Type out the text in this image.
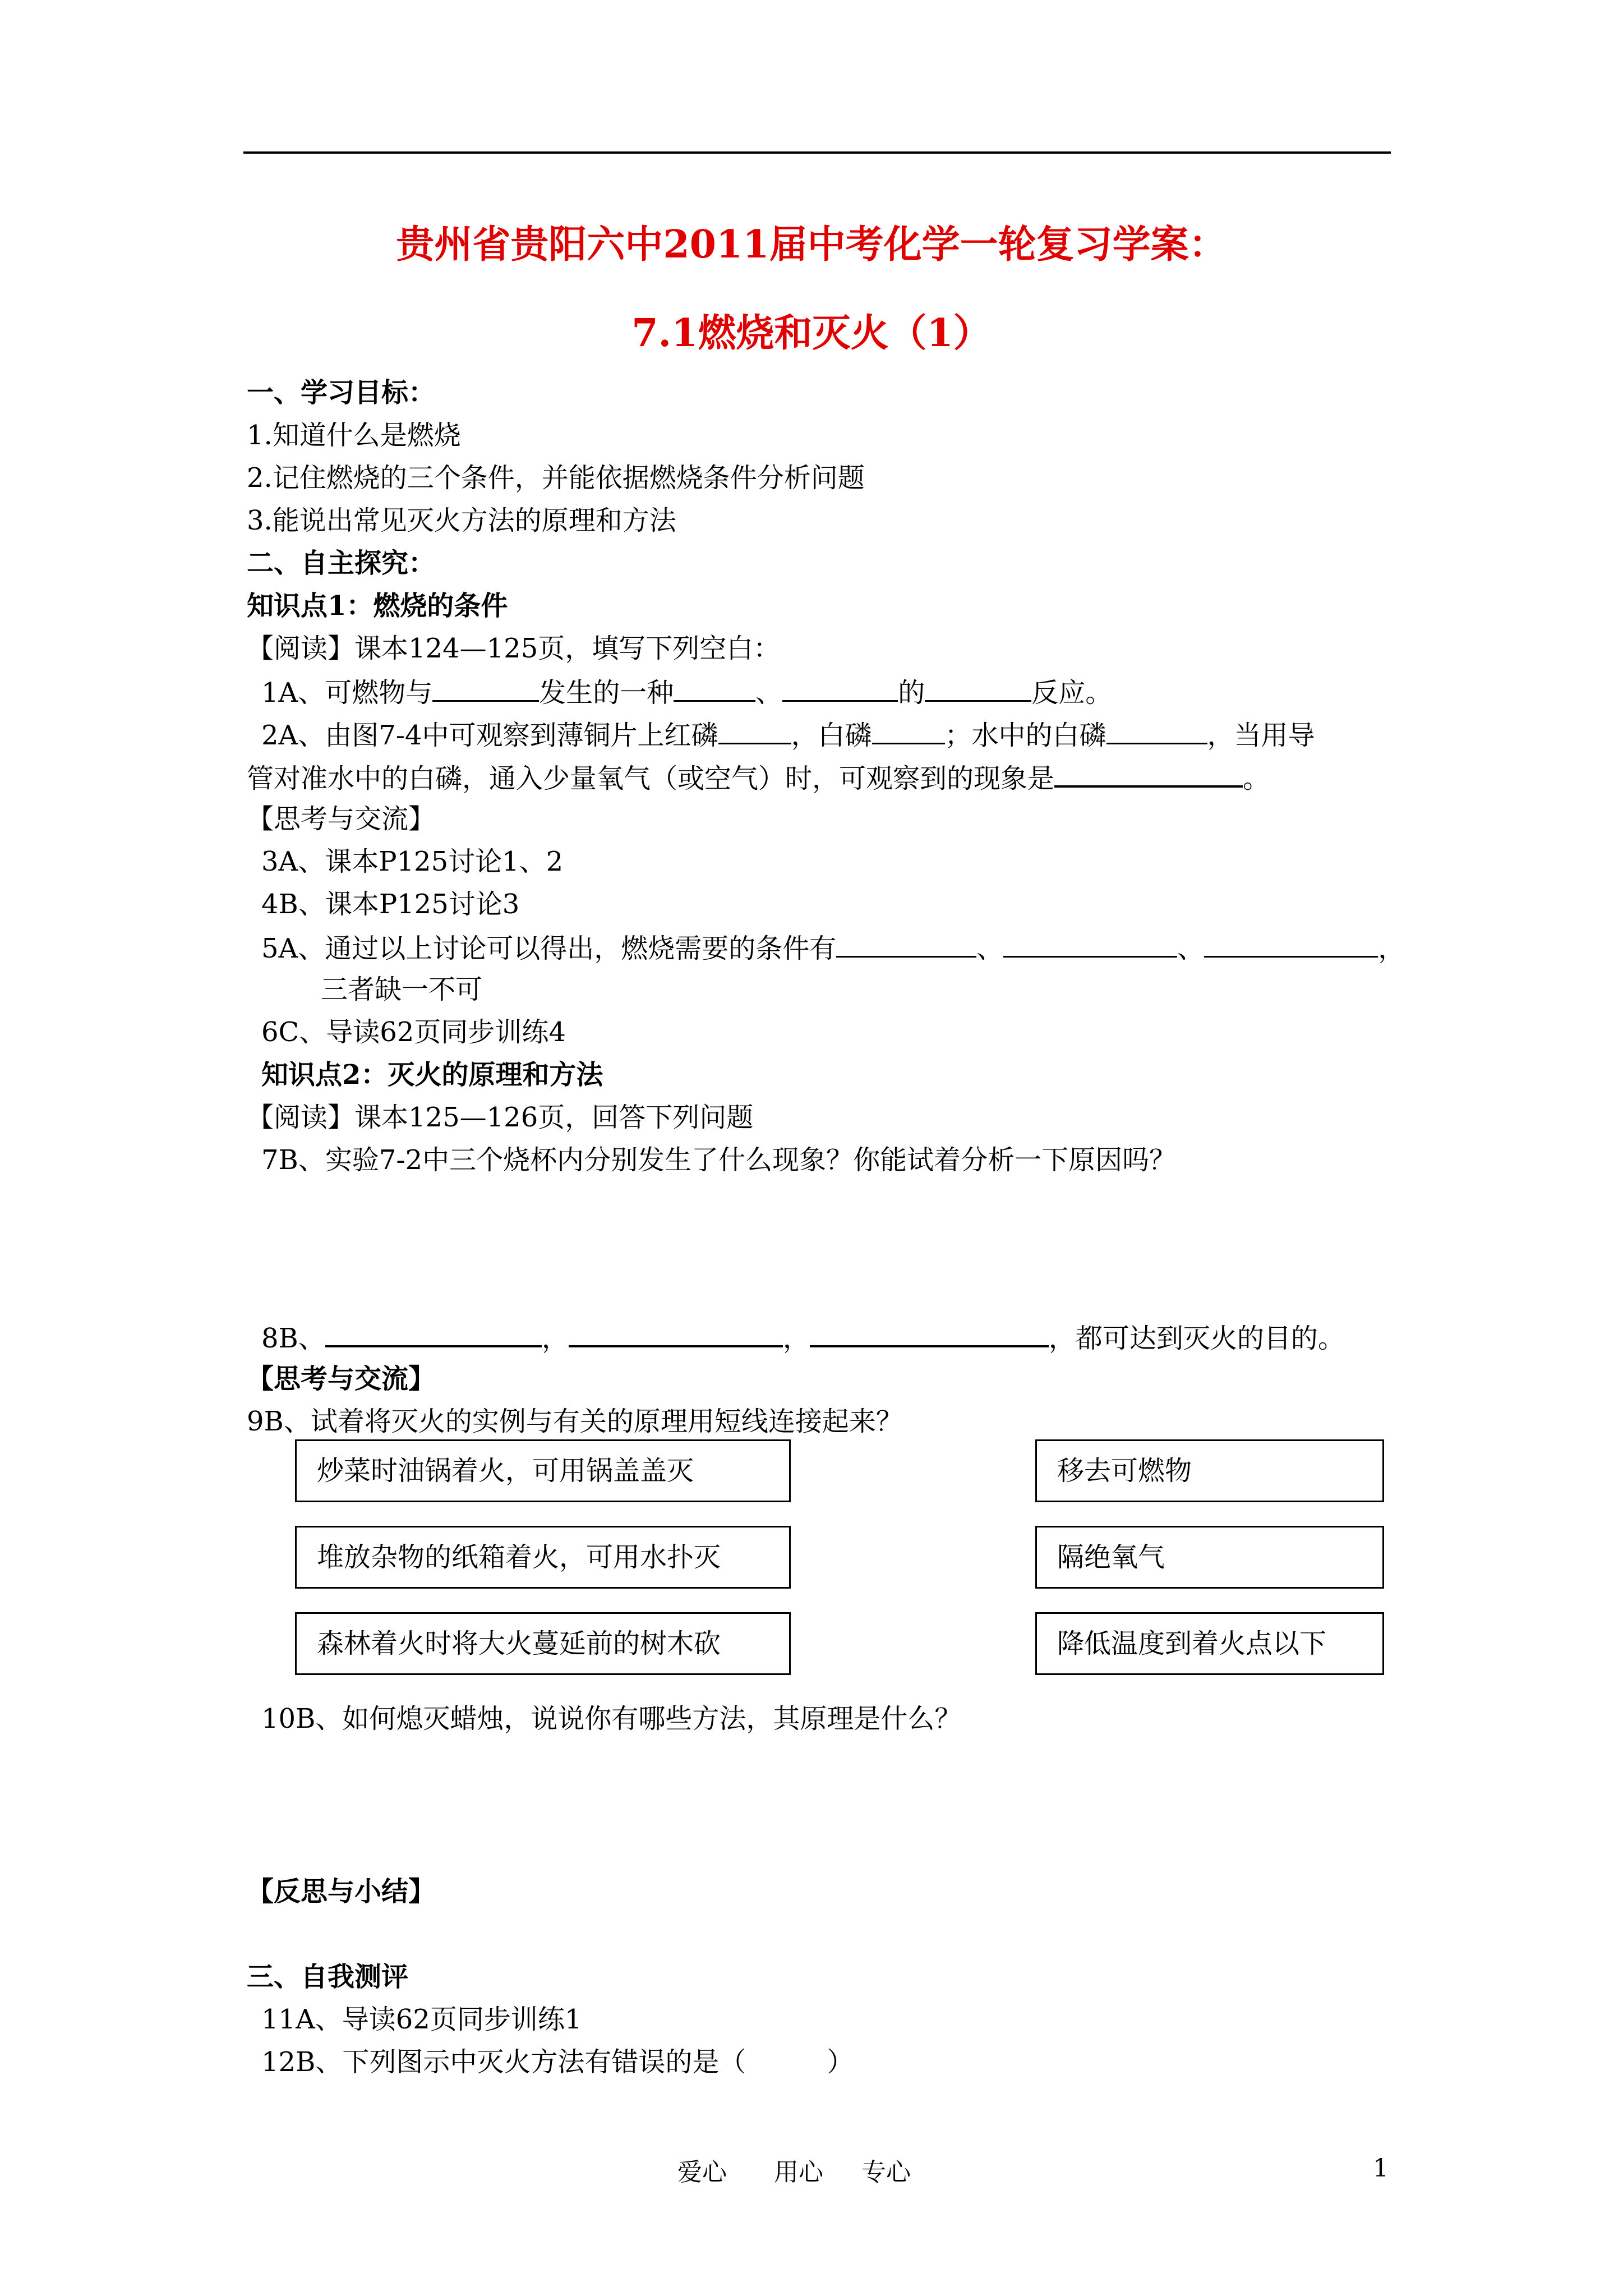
贵州省贵阳六中2011届中考化学一轮复习学案：
7.1燃烧和灭火（1）
一、学习目标：
1.知道什么是燃烧
2.记住燃烧的三个条件，并能依据燃烧条件分析问题
3.能说出常见灭火方法的原理和方法
二、自主探究：
知识点1：燃烧的条件
【阅读】课本124—125页，填写下列空白：
1A、可燃物与	发生的一种	、	的	反应。
2A、由图7-4中可观察到薄铜片上红磷	，白磷	；水中的白磷	，当用导
管对准水中的白磷，通入少量氧气（或空气）时，可观察到的现象是	。
【思考与交流】
3A、课本P125讨论1、2
4B、课本P125讨论3
5A、通过以上讨论可以得出，燃烧需要的条件有	、	、	，
三者缺一不可
6C、导读62页同步训练4
知识点2：灭火的原理和方法
【阅读】课本125—126页，回答下列问题
7B、实验7-2中三个烧杯内分别发生了什么现象？你能试着分析一下原因吗？
8B、	，	，	，都可达到灭火的目的。
【思考与交流】
9B、试着将灭火的实例与有关的原理用短线连接起来？
炒菜时油锅着火，可用锅盖盖灭
堆放杂物的纸箱着火，可用水扑灭
森林着火时将大火蔓延前的树木砍
移去可燃物
隔绝氧气
降低温度到着火点以下
10B、如何熄灭蜡烛，说说你有哪些方法，其原理是什么？
【反思与小结】
三、自我测评
11A、导读62页同步训练1
12B、下列图示中灭火方法有错误的是（　　　）
爱心 用心 专心	1
